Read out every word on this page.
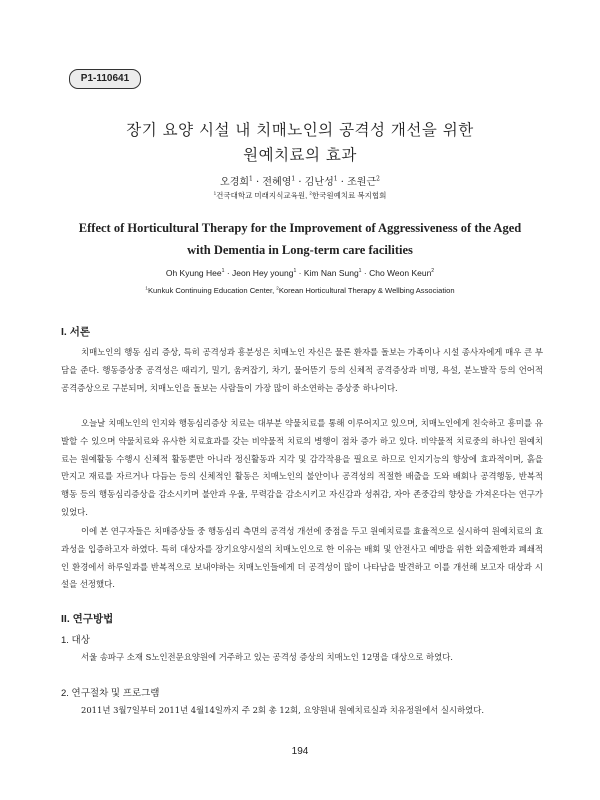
P1-110641
장기 요양 시설 내 치매노인의 공격성 개선을 위한
원예치료의 효과
오경희$^1$ · 전혜영$^1$ · 김난성$^1$ · 조원근$^2$
$^1$건국대학교 미래지식교육원, $^2$한국원예치료 복지협회
Effect of Horticultural Therapy for the Improvement of Aggressiveness of the Aged
with Dementia in Long-term care facilities
Oh Kyung Hee$^1$ · Jeon Hey young$^1$ · Kim Nan Sung$^1$ · Cho Weon Keun$^2$
$^1$Kunkuk Continuing Education Center, $^2$Korean Horticultural Therapy & Wellbing Association
I. 서론

치매노인의 행동 심리 증상, 특히 공격성과 흥분성은 치매노인 자신은 물론 환자를 돌보는 가족이나 시설 종사자에게 매우 큰 부담을 준다. 행동증상중 공격성은 때리기, 밀기, 움켜잡기, 차기, 물어뜯기 등의 신체적 공격증상과 비명, 욕설, 분노발작 등의 언어적 공격증상으로 구분되며, 치매노인을 돌보는 사람들이 가장 많이 하소연하는 증상중 하나이다.

오늘날 치매노인의 인지와 행동심리증상 치료는 대부분 약물치료를 통해 이루어지고 있으며, 치매노인에게 친숙하고 흥미를 유발할 수 있으며 약물치료와 유사한 치료효과를 갖는 비약물적 치료의 병행이 점차 증가 하고 있다. 비약물적 치료중의 하나인 원예치료는 원예활동 수행시 신체적 활동뿐만 아니라 정신활동과 지각 및 감각작용을 필요로 하므로 인지기능의 향상에 효과적이며, 흙을 만지고 재료를 자르거나 다듬는 등의 신체적인 활동은 치매노인의 불안이나 공격성의 적절한 배출을 도와 배회나 공격행동, 반복적 행동 등의 행동심리증상을 감소시키며 불안과 우울, 무력감을 감소시키고 자신감과 성취감, 자아 존중감의 향상을 가져온다는 연구가 있었다.

이에 본 연구자들은 치매증상들 중 행동심리 측면의 공격성 개선에 중점을 두고 원예치료를 효율적으로 실시하여 원예치료의 효과성을 입증하고자 하였다. 특히 대상자를 장기요양시설의 치매노인으로 한 이유는 배회 및 안전사고 예방을 위한 외출제한과 폐쇄적인 환경에서 하루일과를 반복적으로 보내야하는 치매노인들에게 더 공격성이 많이 나타남을 발견하고 이를 개선해 보고자 대상과 시설을 선정했다.

II. 연구방법
1. 대상

서울 송파구 소재 S노인전문요양원에 거주하고 있는 공격성 증상의 치매노인 12명을 대상으로 하였다.

2. 연구절차 및 프로그램

2011년 3월7일부터 2011년 4월14일까지 주 2회 총 12회, 요양원내 원예치료실과 치유정원에서 실시하였다.

194
